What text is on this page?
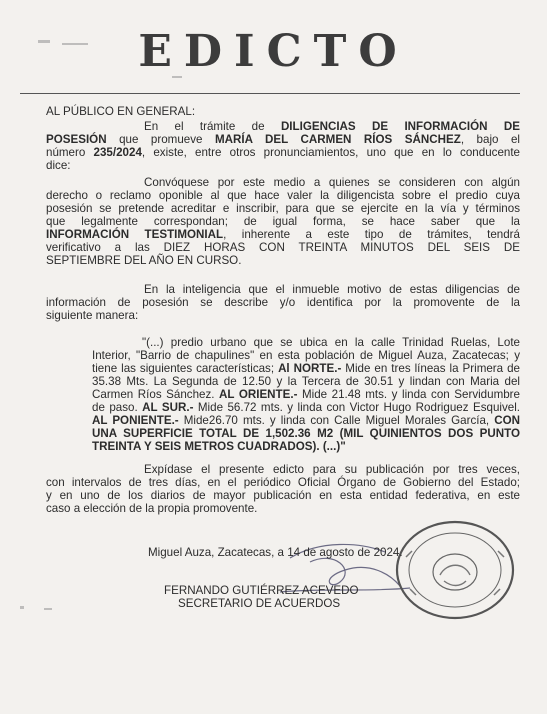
EDICTO
AL PÚBLICO EN GENERAL:
En el trámite de DILIGENCIAS DE INFORMACIÓN DE
POSESIÓN que promueve MARÍA DEL CARMEN RÍOS SÁNCHEZ, bajo el
número 235/2024, existe, entre otros pronunciamientos, uno que en lo conducente
dice:
Convóquese por este medio a quienes se consideren con algún
derecho o reclamo oponible al que hace valer la diligencista sobre el predio cuya
posesión se pretende acreditar e inscribir, para que se ejercite en la vía y términos
que legalmente correspondan; de igual forma, se hace saber que la
INFORMACIÓN TESTIMONIAL, inherente a este tipo de trámites, tendrá
verificativo a las DIEZ HORAS CON TREINTA MINUTOS DEL SEIS DE
SEPTIEMBRE DEL AÑO EN CURSO.
En la inteligencia que el inmueble motivo de estas diligencias de
información de posesión se describe y/o identifica por la promovente de la
siguiente manera:
"(...) predio urbano que se ubica en la calle Trinidad Ruelas, Lote
Interior, "Barrio de chapulines" en esta población de Miguel Auza, Zacatecas; y
tiene las siguientes características; Al NORTE.- Mide en tres líneas la Primera de
35.38 Mts. La Segunda de 12.50 y la Tercera de 30.51 y lindan con Maria del
Carmen Ríos Sánchez. AL ORIENTE.- Mide 21.48 mts. y linda con Servidumbre
de paso. AL SUR.- Mide 56.72 mts. y linda con Victor Hugo Rodriguez Esquivel.
AL PONIENTE.- Mide26.70 mts. y linda con Calle Miguel Morales García, CON
UNA SUPERFICIE TOTAL DE 1,502.36 M2 (MIL QUINIENTOS DOS PUNTO
TREINTA Y SEIS METROS CUADRADOS). (...)"
Expídase el presente edicto para su publicación por tres veces,
con intervalos de tres días, en el periódico Oficial Órgano de Gobierno del Estado;
y en uno de los diarios de mayor publicación en esta entidad federativa, en este
caso a elección de la propia promovente.
Miguel Auza, Zacatecas, a 14 de agosto de 2024.
FERNANDO GUTIÉRREZ ACEVEDO
SECRETARIO DE ACUERDOS
